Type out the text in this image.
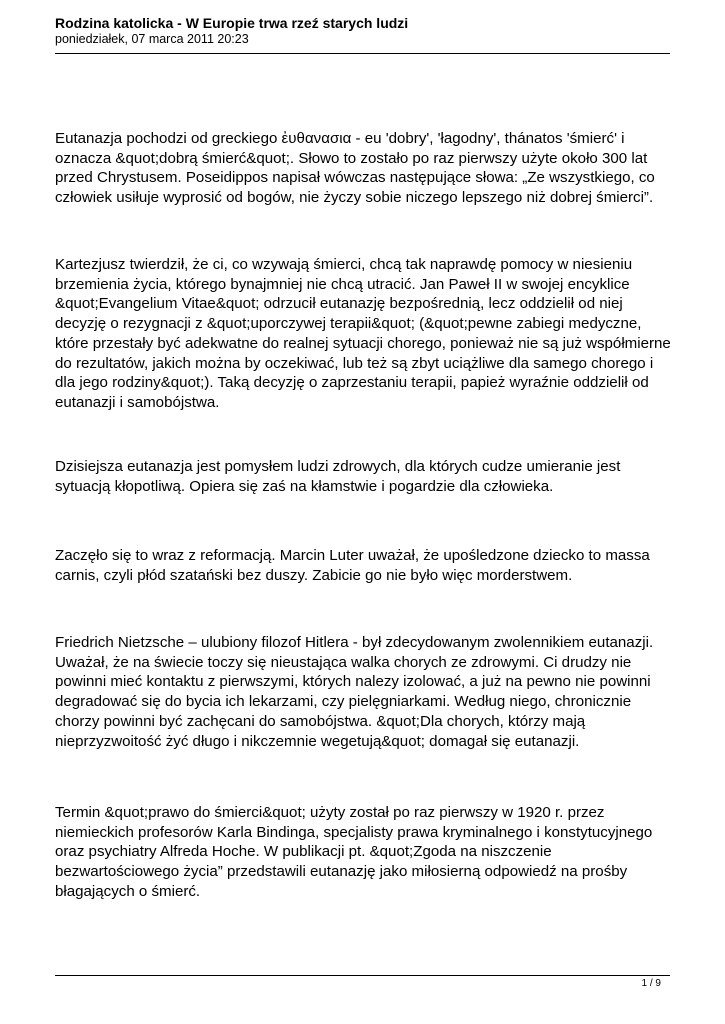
Rodzina katolicka - W Europie trwa rzeź starych ludzi
poniedziałek, 07 marca 2011 20:23

Eutanazja pochodzi od greckiego ἐυθανασια - eu 'dobry', 'łagodny', thánatos 'śmierć' i oznacza &quot;dobrą śmierć&quot;. Słowo to zostało po raz pierwszy użyte około 300 lat przed Chrystusem. Poseidippos napisał wówczas następujące słowa: „Ze wszystkiego, co człowiek usiłuje wyprosić od bogów, nie życzy sobie niczego lepszego niż dobrej śmierci”.

Kartezjusz twierdził, że ci, co wzywają śmierci, chcą tak naprawdę pomocy w niesieniu brzemienia życia, którego bynajmniej nie chcą utracić. Jan Paweł II w swojej encyklice &quot;Evangelium Vitae&quot; odrzucił eutanazję bezpośrednią, lecz oddzielił od niej decyzję o rezygnacji z &quot;uporczywej terapii&quot; (&quot;pewne zabiegi medyczne, które przestały być adekwatne do realnej sytuacji chorego, ponieważ nie są już współmierne do rezultatów, jakich można by oczekiwać, lub też są zbyt uciążliwe dla samego chorego i dla jego rodziny&quot;). Taką decyzję o zaprzestaniu terapii, papież wyraźnie oddzielił od eutanazji i samobójstwa.

Dzisiejsza eutanazja jest pomysłem ludzi zdrowych, dla których cudze umieranie jest sytuacją kłopotliwą. Opiera się zaś na kłamstwie i pogardzie dla człowieka.

Zaczęło się to wraz z reformacją. Marcin Luter uważał, że upośledzone dziecko to massa carnis, czyli płód szatański bez duszy. Zabicie go nie było więc morderstwem.

Friedrich Nietzsche – ulubiony filozof Hitlera - był zdecydowanym zwolennikiem eutanazji. Uważał, że na świecie toczy się nieustająca walka chorych ze zdrowymi. Ci drudzy nie powinni mieć kontaktu z pierwszymi, których nalezy izolować, a już na pewno nie powinni degradować się do bycia ich lekarzami, czy pielęgniarkami. Według niego, chronicznie chorzy powinni być zachęcani do samobójstwa. &quot;Dla chorych, którzy mają nieprzyzwoitość żyć długo i nikczemnie wegetują&quot; domagał się eutanazji.

Termin &quot;prawo do śmierci&quot; użyty został po raz pierwszy w 1920 r. przez niemieckich profesorów Karla Bindinga, specjalisty prawa kryminalnego i konstytucyjnego oraz psychiatry Alfreda Hoche. W publikacji pt. &quot;Zgoda na niszczenie bezwartościowego życia” przedstawili eutanazję jako miłosierną odpowiedź na prośby błagających o śmierć.

1 / 9
